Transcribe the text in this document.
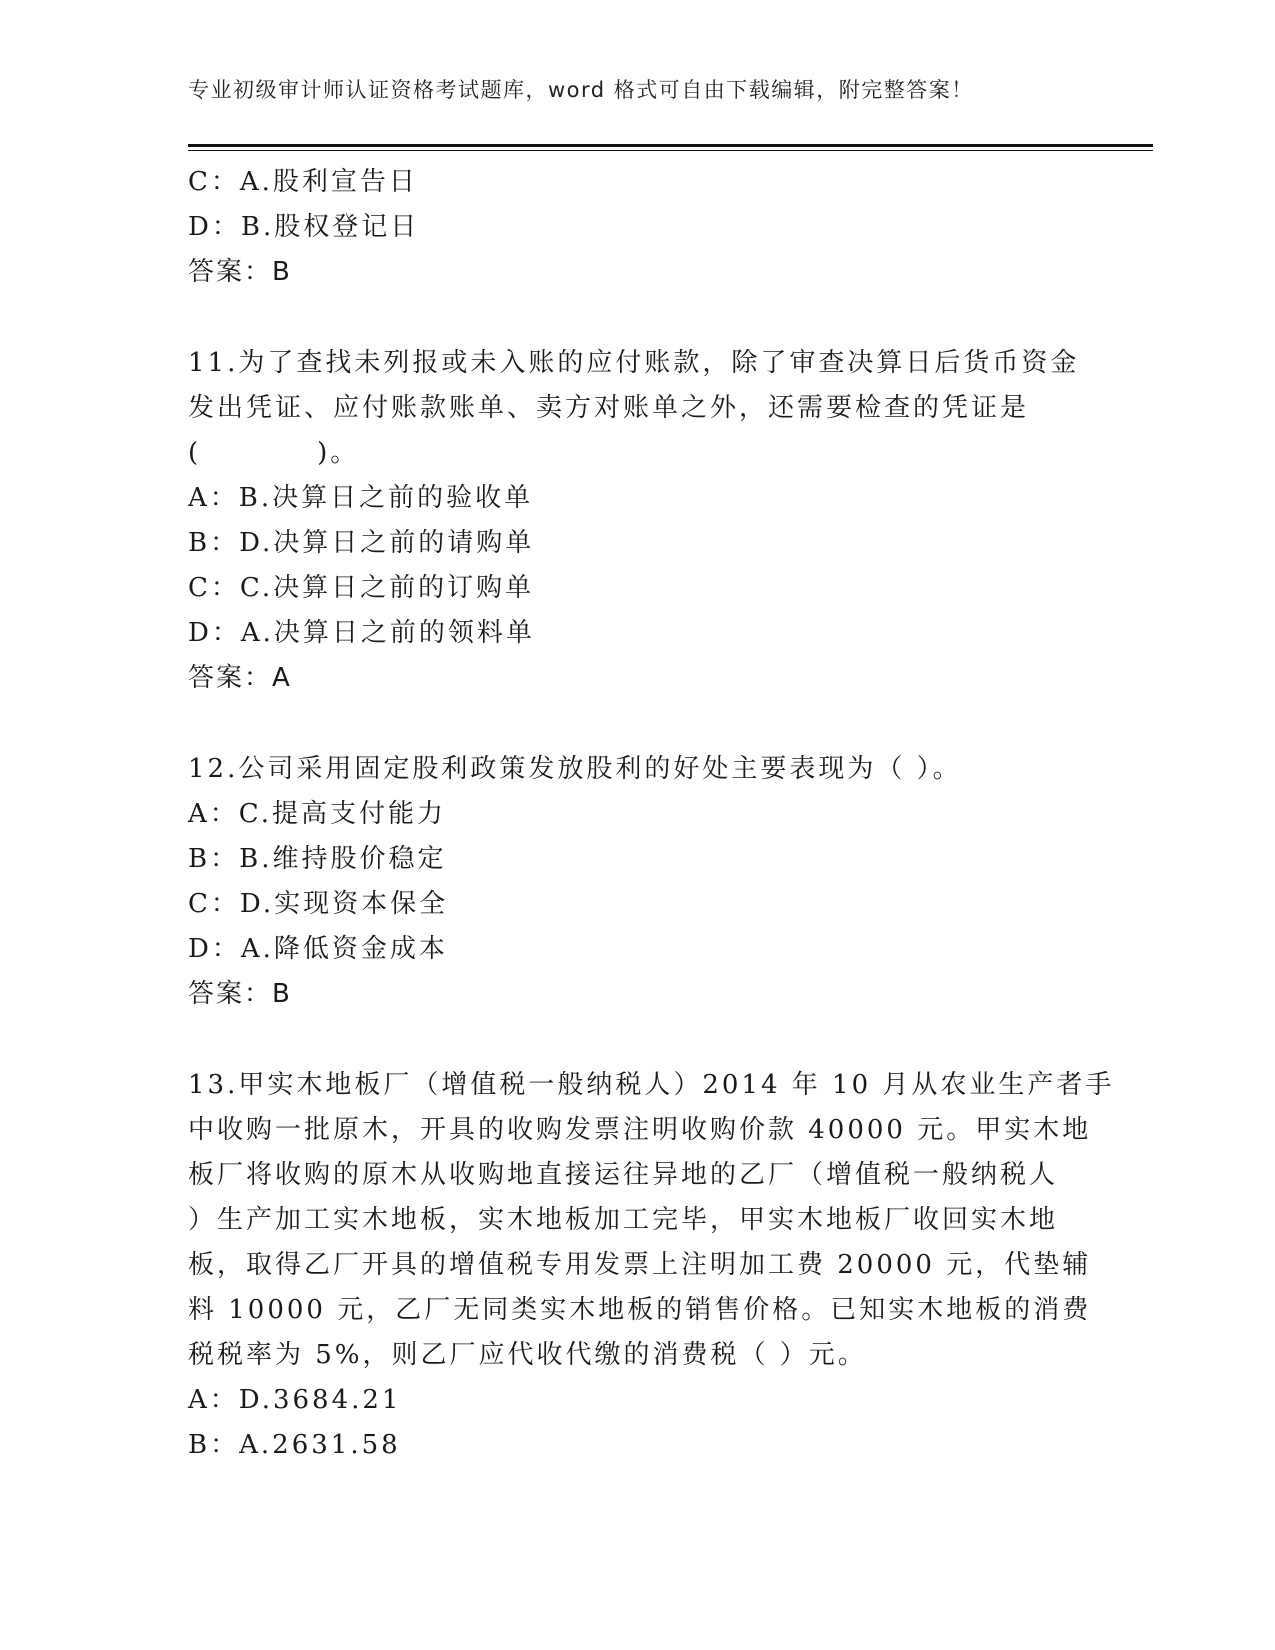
专业初级审计师认证资格考试题库，word 格式可自由下载编辑，附完整答案！
C：A.股利宣告日
D：B.股权登记日
答案：B
11.为了查找未列报或未入账的应付账款，除了审查决算日后货币资金
发出凭证、应付账款账单、卖方对账单之外，还需要检查的凭证是
(　　　　)。
A：B.决算日之前的验收单
B：D.决算日之前的请购单
C：C.决算日之前的订购单
D：A.决算日之前的领料单
答案：A
12.公司采用固定股利政策发放股利的好处主要表现为（ ）。
A：C.提高支付能力
B：B.维持股价稳定
C：D.实现资本保全
D：A.降低资金成本
答案：B
13.甲实木地板厂（增值税一般纳税人）2014 年 10 月从农业生产者手
中收购一批原木，开具的收购发票注明收购价款 40000 元。甲实木地
板厂将收购的原木从收购地直接运往异地的乙厂（增值税一般纳税人
）生产加工实木地板，实木地板加工完毕，甲实木地板厂收回实木地
板，取得乙厂开具的增值税专用发票上注明加工费 20000 元，代垫辅
料 10000 元，乙厂无同类实木地板的销售价格。已知实木地板的消费
税税率为 5%，则乙厂应代收代缴的消费税（ ）元。
A：D.3684.21
B：A.2631.58
